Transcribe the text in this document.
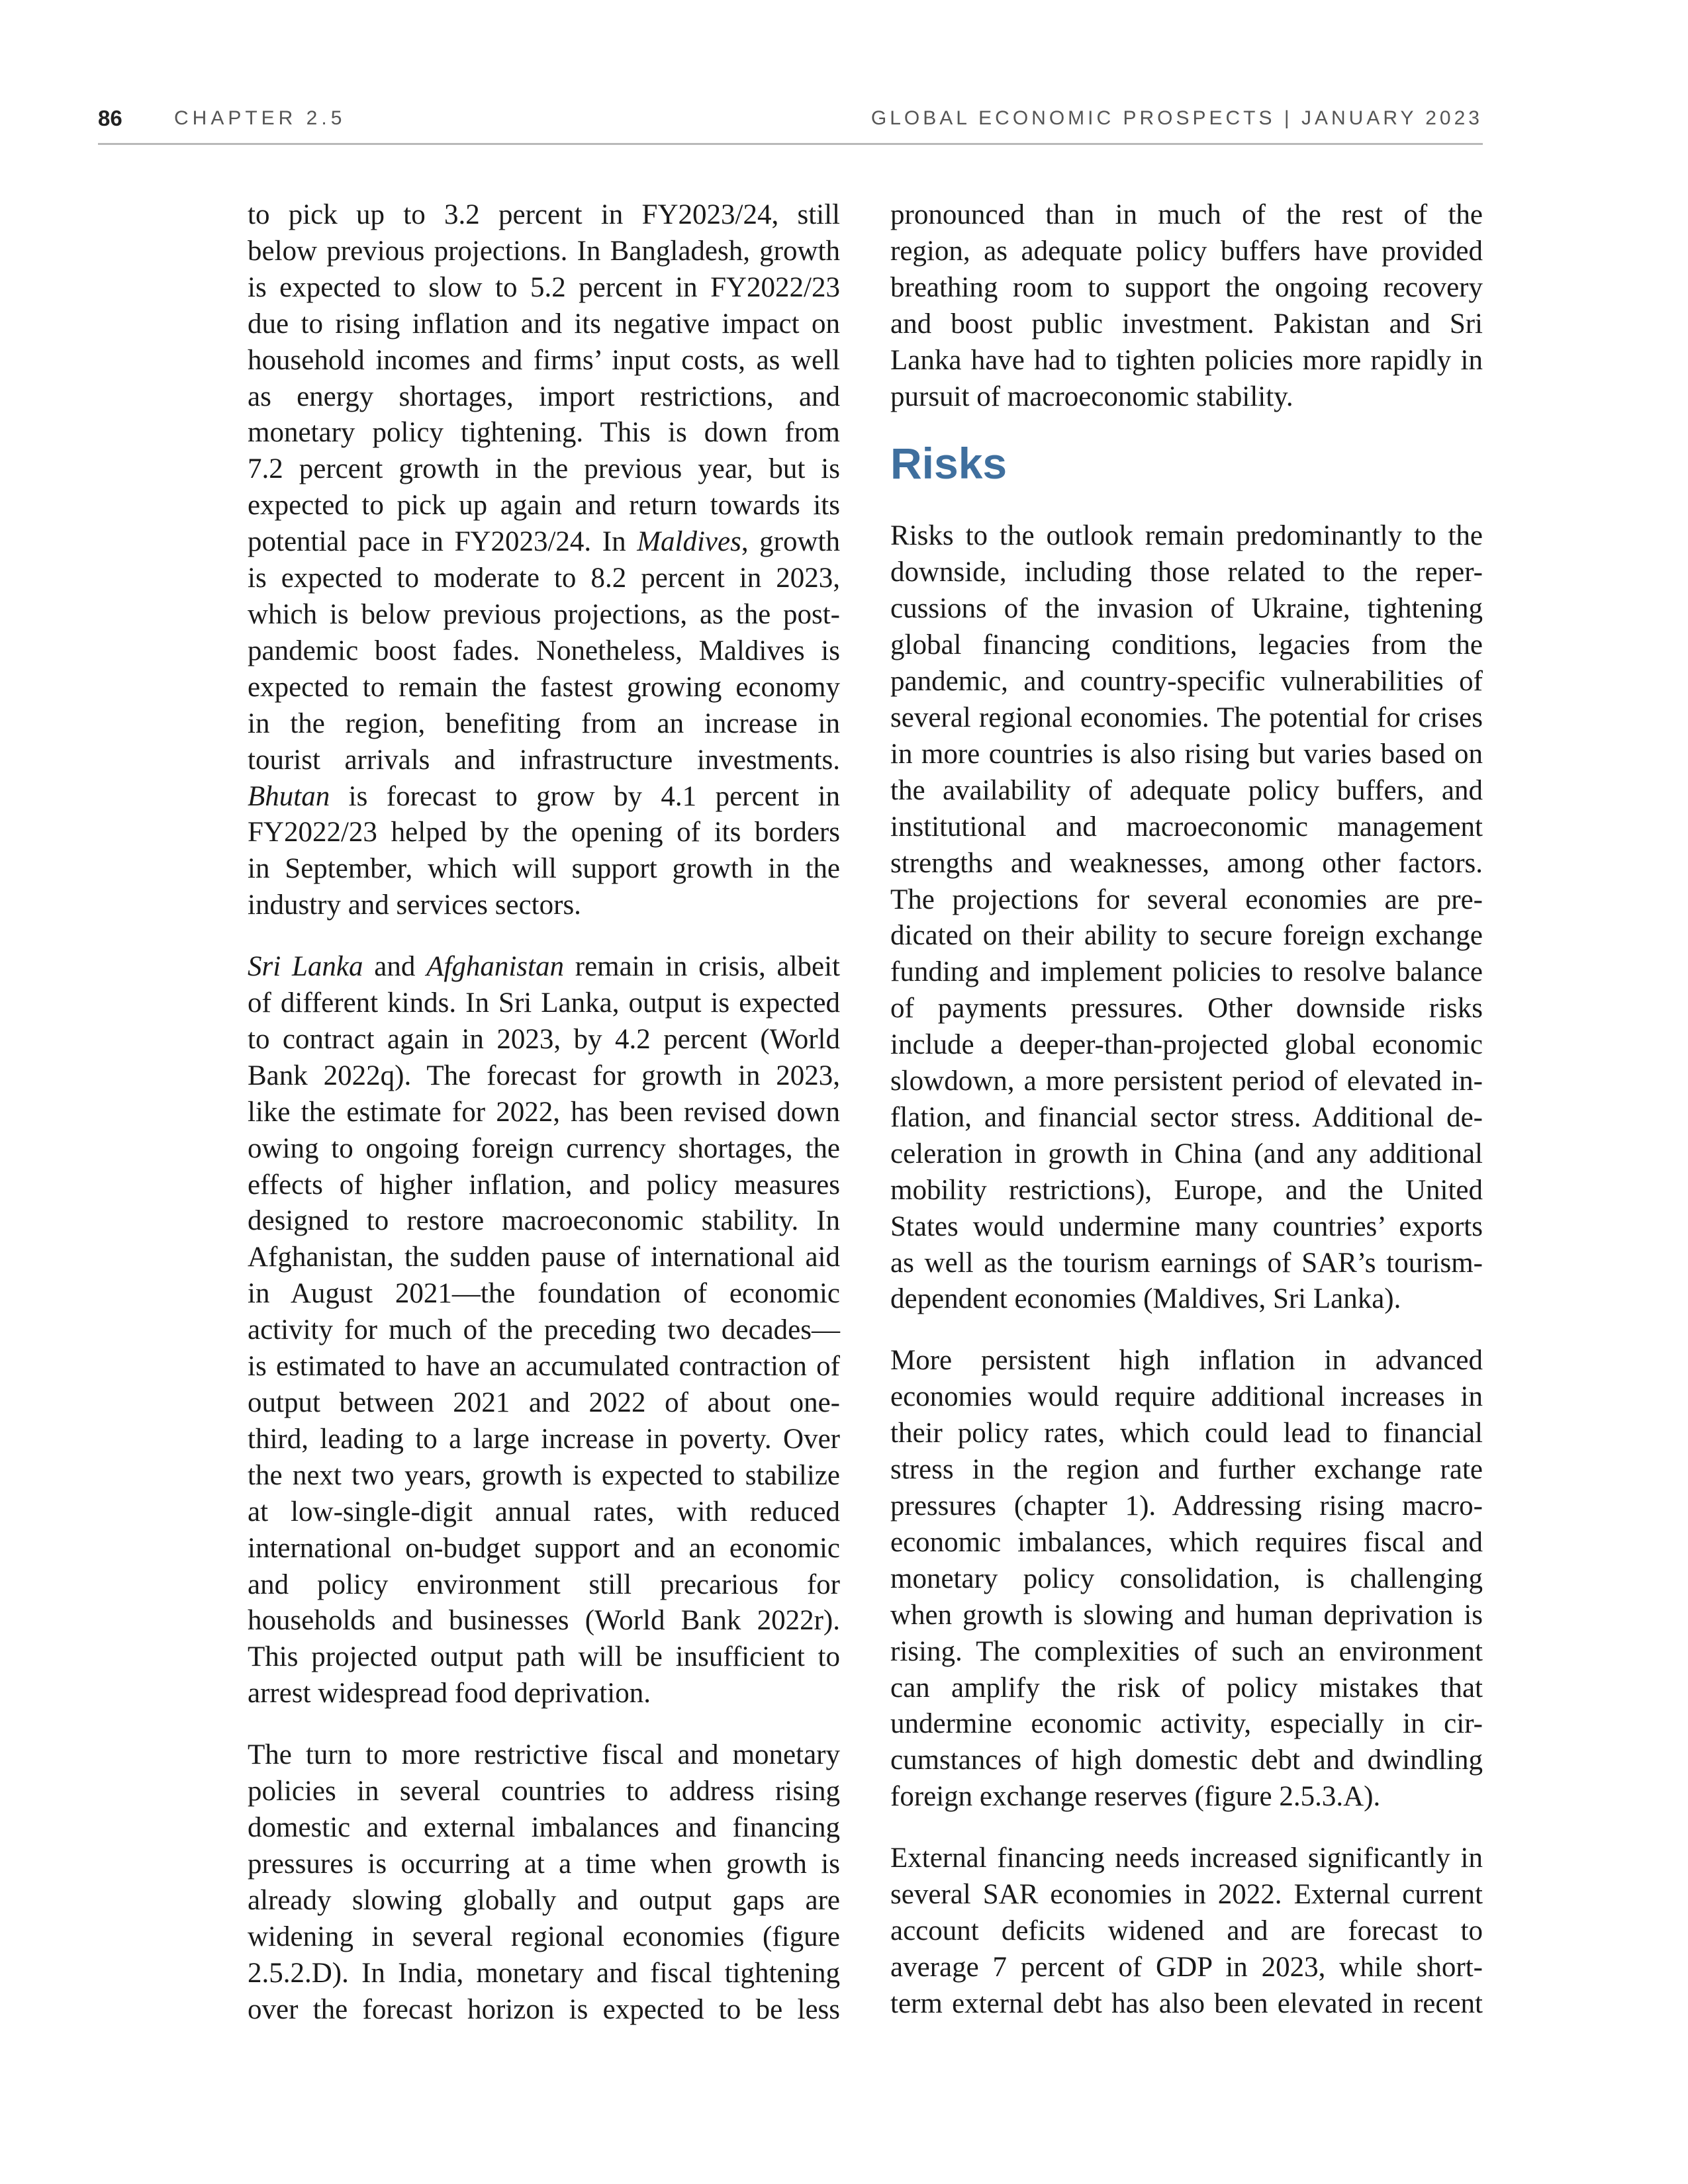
86	CHAPTER 2.5	GLOBAL ECONOMIC PROSPECTS | JANUARY 2023

to pick up to 3.2 percent in FY2023/24, still
below previous projections. In Bangladesh, growth
is expected to slow to 5.2 percent in FY2022/23
due to rising inflation and its negative impact on
household incomes and firms’ input costs, as well
as energy shortages, import restrictions, and
monetary policy tightening. This is down from
7.2 percent growth in the previous year, but is
expected to pick up again and return towards its
potential pace in FY2023/24. In Maldives, growth
is expected to moderate to 8.2 percent in 2023,
which is below previous projections, as the post-
pandemic boost fades. Nonetheless, Maldives is
expected to remain the fastest growing economy
in the region, benefiting from an increase in
tourist arrivals and infrastructure investments.
Bhutan is forecast to grow by 4.1 percent in
FY2022/23 helped by the opening of its borders
in September, which will support growth in the
industry and services sectors.

Sri Lanka and Afghanistan remain in crisis, albeit
of different kinds. In Sri Lanka, output is expected
to contract again in 2023, by 4.2 percent (World
Bank 2022q). The forecast for growth in 2023,
like the estimate for 2022, has been revised down
owing to ongoing foreign currency shortages, the
effects of higher inflation, and policy measures
designed to restore macroeconomic stability. In
Afghanistan, the sudden pause of international aid
in August 2021—the foundation of economic
activity for much of the preceding two decades—
is estimated to have an accumulated contraction of
output between 2021 and 2022 of about one-
third, leading to a large increase in poverty. Over
the next two years, growth is expected to stabilize
at low-single-digit annual rates, with reduced
international on-budget support and an economic
and policy environment still precarious for
households and businesses (World Bank 2022r).
This projected output path will be insufficient to
arrest widespread food deprivation.

The turn to more restrictive fiscal and monetary
policies in several countries to address rising
domestic and external imbalances and financing
pressures is occurring at a time when growth is
already slowing globally and output gaps are
widening in several regional economies (figure
2.5.2.D). In India, monetary and fiscal tightening
over the forecast horizon is expected to be less

pronounced than in much of the rest of the
region, as adequate policy buffers have provided
breathing room to support the ongoing recovery
and boost public investment. Pakistan and Sri
Lanka have had to tighten policies more rapidly in
pursuit of macroeconomic stability.

Risks

Risks to the outlook remain predominantly to the
downside, including those related to the reper-
cussions of the invasion of Ukraine, tightening
global financing conditions, legacies from the
pandemic, and country-specific vulnerabilities of
several regional economies. The potential for crises
in more countries is also rising but varies based on
the availability of adequate policy buffers, and
institutional and macroeconomic management
strengths and weaknesses, among other factors.
The projections for several economies are pre-
dicated on their ability to secure foreign exchange
funding and implement policies to resolve balance
of payments pressures. Other downside risks
include a deeper-than-projected global economic
slowdown, a more persistent period of elevated in-
flation, and financial sector stress. Additional de-
celeration in growth in China (and any additional
mobility restrictions), Europe, and the United
States would undermine many countries’ exports
as well as the tourism earnings of SAR’s tourism-
dependent economies (Maldives, Sri Lanka).

More persistent high inflation in advanced
economies would require additional increases in
their policy rates, which could lead to financial
stress in the region and further exchange rate
pressures (chapter 1). Addressing rising macro-
economic imbalances, which requires fiscal and
monetary policy consolidation, is challenging
when growth is slowing and human deprivation is
rising. The complexities of such an environment
can amplify the risk of policy mistakes that
undermine economic activity, especially in cir-
cumstances of high domestic debt and dwindling
foreign exchange reserves (figure 2.5.3.A).

External financing needs increased significantly in
several SAR economies in 2022. External current
account deficits widened and are forecast to
average 7 percent of GDP in 2023, while short-
term external debt has also been elevated in recent
